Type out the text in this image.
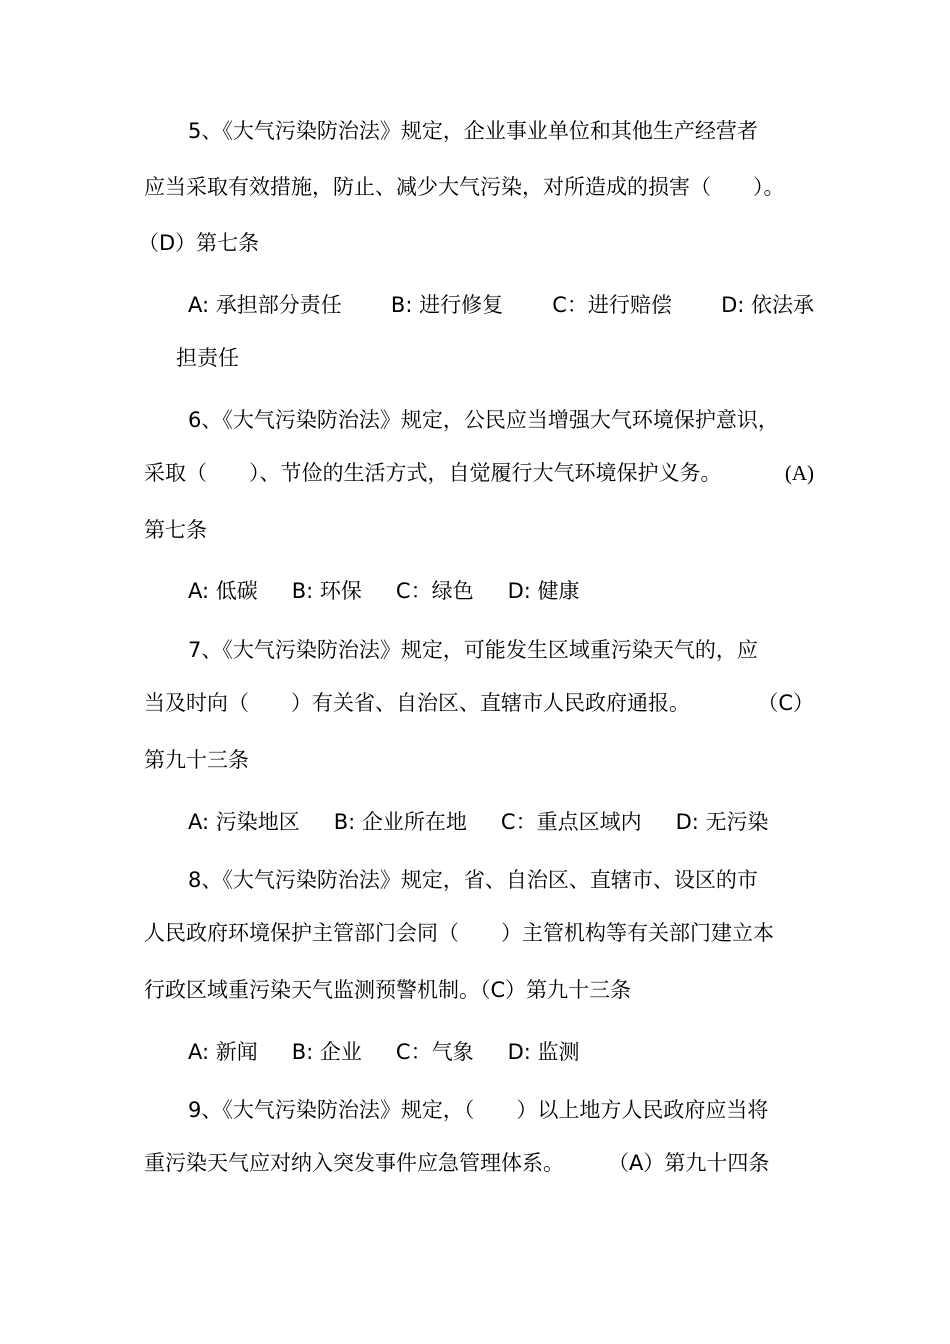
5、《大气污染防治法》规定，企业事业单位和其他生产经营者
应当采取有效措施，防止、减少大气污染，对所造成的损害（　　）。
（D）第七条
A: 承担部分责任 B: 进行修复 C：进行赔偿 D: 依法承
担责任
6、《大气污染防治法》规定，公民应当增强大气环境保护意识，
采取（　　）、节俭的生活方式，自觉履行大气环境保护义务。	(A)
第七条
A: 低碳 B: 环保 C：绿色 D: 健康
7、《大气污染防治法》规定，可能发生区域重污染天气的，应
当及时向（　　）有关省、自治区、直辖市人民政府通报。	（C）
第九十三条
A: 污染地区 B: 企业所在地 C：重点区域内 D: 无污染
8、《大气污染防治法》规定，省、自治区、直辖市、设区的市
人民政府环境保护主管部门会同（　　）主管机构等有关部门建立本
行政区域重污染天气监测预警机制。（C）第九十三条
A: 新闻 B: 企业 C：气象 D: 监测
9、《大气污染防治法》规定，（　　）以上地方人民政府应当将
重污染天气应对纳入突发事件应急管理体系。 （A）第九十四条
